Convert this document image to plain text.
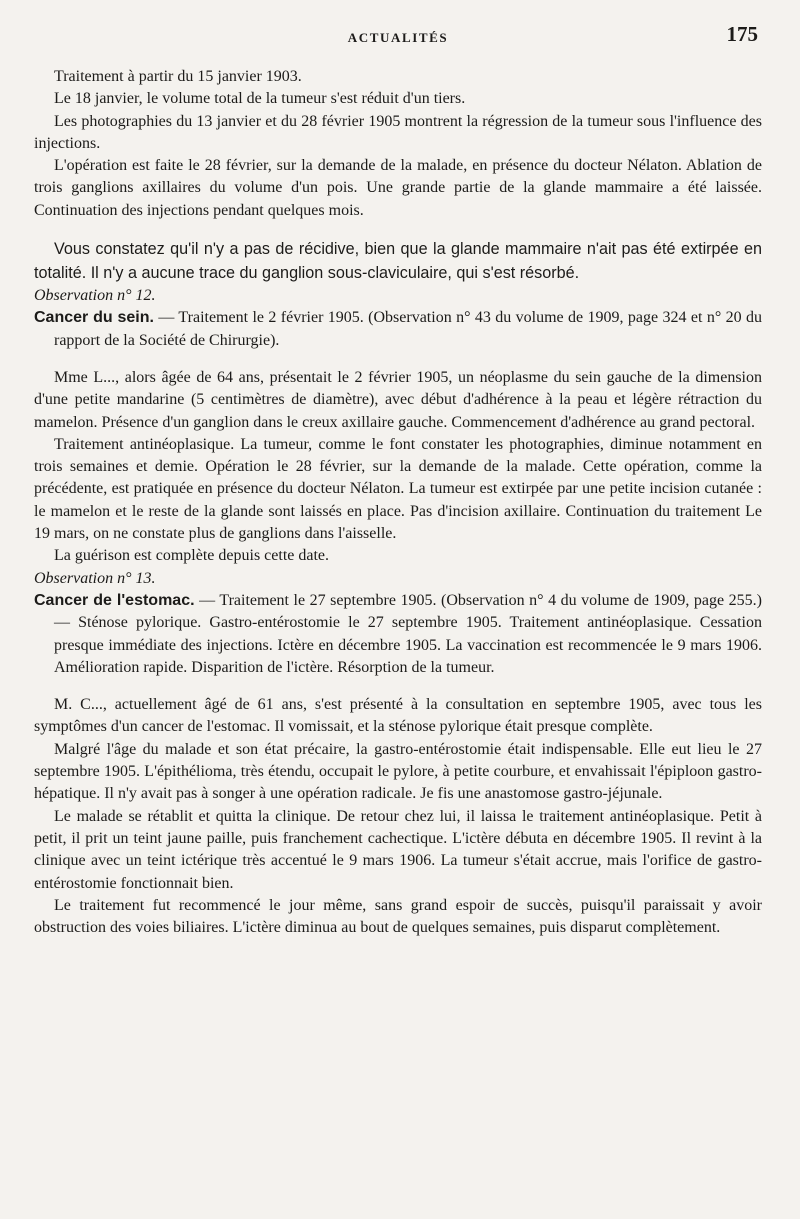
ACTUALITÉS	175

Traitement à partir du 15 janvier 1903.

Le 18 janvier, le volume total de la tumeur s'est réduit d'un tiers.

Les photographies du 13 janvier et du 28 février 1905 montrent la régression de la tumeur sous l'influence des injections.

L'opération est faite le 28 février, sur la demande de la malade, en présence du docteur Nélaton. Ablation de trois ganglions axillaires du volume d'un pois. Une grande partie de la glande mammaire a été laissée. Continuation des injections pendant quelques mois.

Vous constatez qu'il n'y a pas de récidive, bien que la glande mammaire n'ait pas été extirpée en totalité. Il n'y a aucune trace du ganglion sous-claviculaire, qui s'est résorbé.

Observation n° 12.

Cancer du sein. — Traitement le 2 février 1905. (Observation n° 43 du volume de 1909, page 324 et n° 20 du rapport de la Société de Chirurgie).

Mme L..., alors âgée de 64 ans, présentait le 2 février 1905, un néoplasme du sein gauche de la dimension d'une petite mandarine (5 centimètres de diamètre), avec début d'adhérence à la peau et légère rétraction du mamelon. Présence d'un ganglion dans le creux axillaire gauche. Commencement d'adhérence au grand pectoral.

Traitement antinéoplasique. La tumeur, comme le font constater les photographies, diminue notamment en trois semaines et demie. Opération le 28 février, sur la demande de la malade. Cette opération, comme la précédente, est pratiquée en présence du docteur Nélaton. La tumeur est extirpée par une petite incision cutanée : le mamelon et le reste de la glande sont laissés en place. Pas d'incision axillaire. Continuation du traitement Le 19 mars, on ne constate plus de ganglions dans l'aisselle.

La guérison est complète depuis cette date.

Observation n° 13.

Cancer de l'estomac. — Traitement le 27 septembre 1905. (Observation n° 4 du volume de 1909, page 255.) — Sténose pylorique. Gastro-entérostomie le 27 septembre 1905. Traitement antinéoplasique. Cessation presque immédiate des injections. Ictère en décembre 1905. La vaccination est recommencée le 9 mars 1906. Amélioration rapide. Disparition de l'ictère. Résorption de la tumeur.

M. C..., actuellement âgé de 61 ans, s'est présenté à la consultation en septembre 1905, avec tous les symptômes d'un cancer de l'estomac. Il vomissait, et la sténose pylorique était presque complète.

Malgré l'âge du malade et son état précaire, la gastro-entérostomie était indispensable. Elle eut lieu le 27 septembre 1905. L'épithélioma, très étendu, occupait le pylore, à petite courbure, et envahissait l'épiploon gastro-hépatique. Il n'y avait pas à songer à une opération radicale. Je fis une anastomose gastro-jéjunale.

Le malade se rétablit et quitta la clinique. De retour chez lui, il laissa le traitement antinéoplasique. Petit à petit, il prit un teint jaune paille, puis franchement cachectique. L'ictère débuta en décembre 1905. Il revint à la clinique avec un teint ictérique très accentué le 9 mars 1906. La tumeur s'était accrue, mais l'orifice de gastro-entérostomie fonctionnait bien.

Le traitement fut recommencé le jour même, sans grand espoir de succès, puisqu'il paraissait y avoir obstruction des voies biliaires. L'ictère diminua au bout de quelques semaines, puis disparut complètement.
